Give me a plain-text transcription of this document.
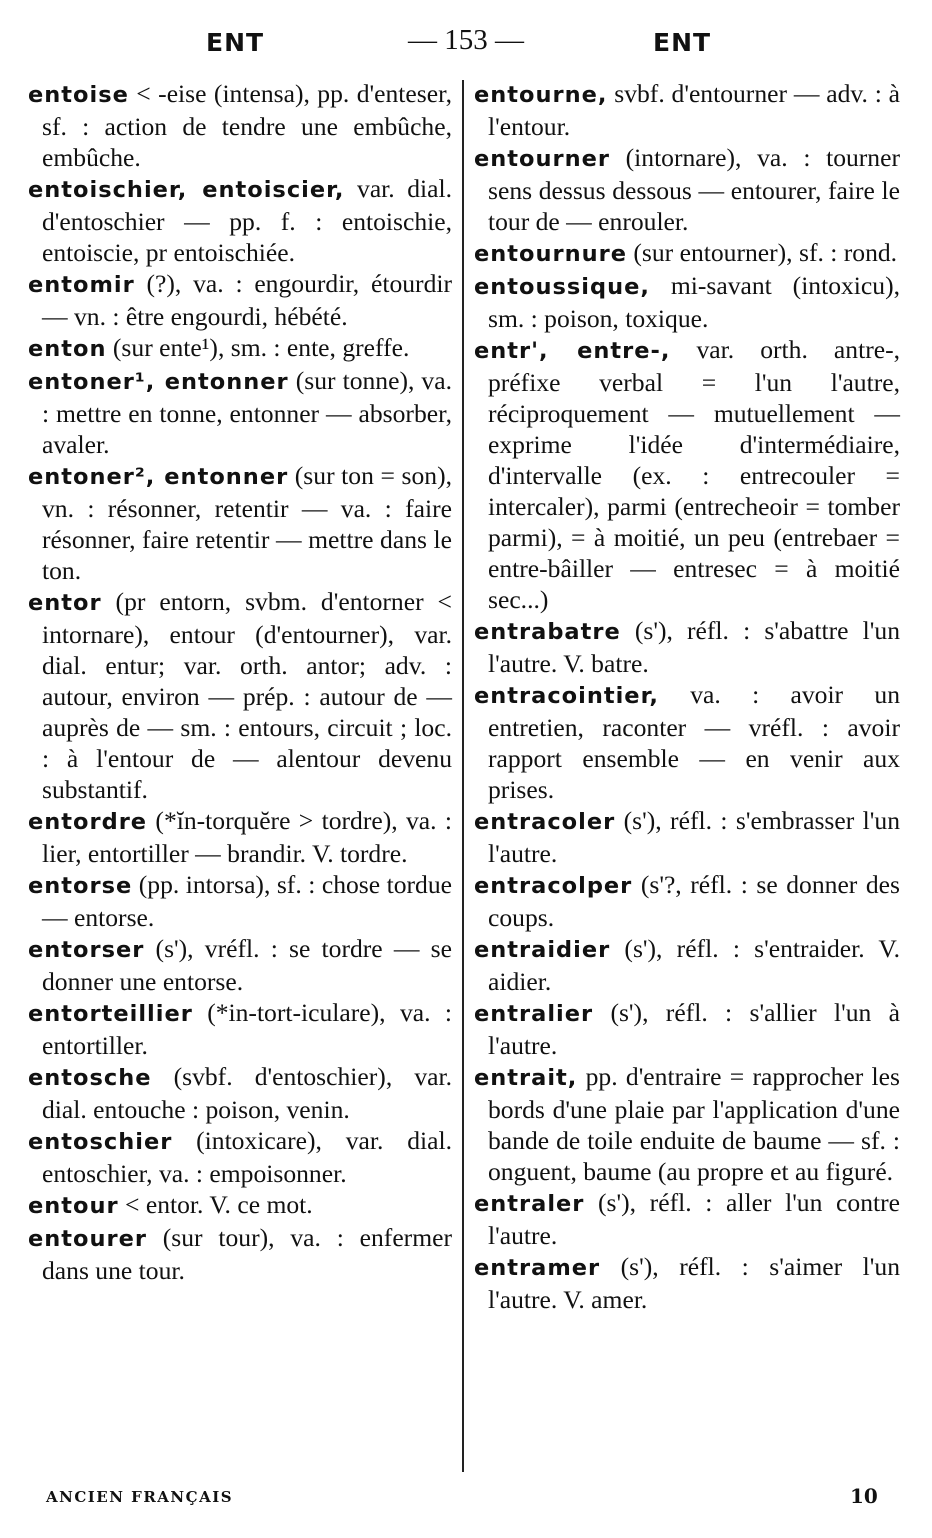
ENT	— 153 —	ENT
entoise < -eise (intensa), pp. d'enteser, sf. : action de tendre une embûche, embûche.
entoischier, entoiscier, var. dial. d'entoschier — pp. f. : entoischie, entoiscie, pr entoischiée.
entomir (?), va. : engourdir, étourdir — vn. : être engourdi, hébété.
enton (sur ente¹), sm. : ente, greffe.
entoner¹, entonner (sur tonne), va. : mettre en tonne, entonner — absorber, avaler.
entoner², entonner (sur ton = son), vn. : résonner, retentir — va. : faire résonner, faire retentir — mettre dans le ton.
entor (pr entorn, svbm. d'entorner < intornare), entour (d'entourner), var. dial. entur; var. orth. antor; adv. : autour, environ — prép. : autour de — auprès de — sm. : entours, circuit ; loc. : à l'entour de — alentour devenu substantif.
entordre (*ĭn-torquĕre > tordre), va. : lier, entortiller — brandir. V. tordre.
entorse (pp. intorsa), sf. : chose tordue — entorse.
entorser (s'), vréfl. : se tordre — se donner une entorse.
entorteillier (*in-tort-iculare), va. : entortiller.
entosche (svbf. d'entoschier), var. dial. entouche : poison, venin.
entoschier (intoxicare), var. dial. entoschier, va. : empoisonner.
entour < entor. V. ce mot.
entourer (sur tour), va. : enfermer dans une tour.
entourne, svbf. d'entourner — adv. : à l'entour.
entourner (intornare), va. : tourner sens dessus dessous — entourer, faire le tour de — enrouler.
entournure (sur entourner), sf. : rond.
entoussique, mi-savant (intoxicu), sm. : poison, toxique.
entr', entre-, var. orth. antre-, préfixe verbal = l'un l'autre, réciproquement — mutuellement — exprime l'idée d'intermédiaire, d'intervalle (ex. : entrecouler = intercaler), parmi (entrecheoir = tomber parmi), = à moitié, un peu (entrebaer = entre-bâiller — entresec = à moitié sec...)
entrabatre (s'), réfl. : s'abattre l'un l'autre. V. batre.
entracointier, va. : avoir un entretien, raconter — vréfl. : avoir rapport ensemble — en venir aux prises.
entracoler (s'), réfl. : s'embrasser l'un l'autre.
entracolper (s'?, réfl. : se donner des coups.
entraidier (s'), réfl. : s'entraider. V. aidier.
entralier (s'), réfl. : s'allier l'un à l'autre.
entrait, pp. d'entraire = rapprocher les bords d'une plaie par l'application d'une bande de toile enduite de baume — sf. : onguent, baume (au propre et au figuré.
entraler (s'), réfl. : aller l'un contre l'autre.
entramer (s'), réfl. : s'aimer l'un l'autre. V. amer.
ANCIEN FRANÇAIS	10
